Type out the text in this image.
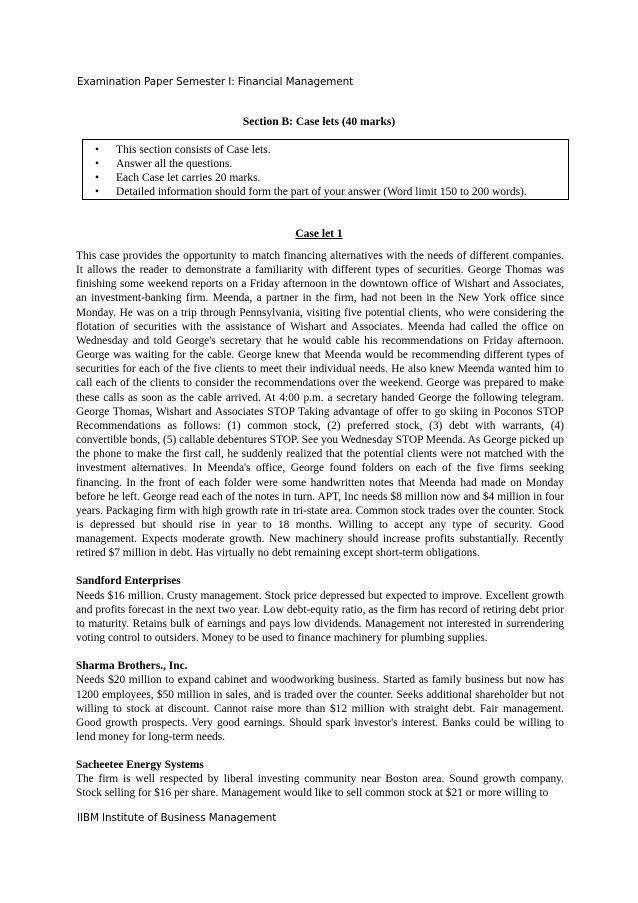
Examination Paper Semester I: Financial Management
Section B: Case lets (40 marks)
• This section consists of Case lets.
• Answer all the questions.
• Each Case let carries 20 marks.
• Detailed information should form the part of your answer (Word limit 150 to 200 words).
Case let 1

This case provides the opportunity to match financing alternatives with the needs of different companies. It allows the reader to demonstrate a familiarity with different types of securities. George Thomas was finishing some weekend reports on a Friday afternoon in the downtown office of Wishart and Associates, an investment-banking firm. Meenda, a partner in the firm, had not been in the New York office since Monday. He was on a trip through Pennsylvania, visiting five potential clients, who were considering the flotation of securities with the assistance of Wishart and Associates. Meenda had called the office on Wednesday and told George's secretary that he would cable his recommendations on Friday afternoon. George was waiting for the cable. George knew that Meenda would be recommending different types of securities for each of the five clients to meet their individual needs. He also knew Meenda wanted him to call each of the clients to consider the recommendations over the weekend. George was prepared to make these calls as soon as the cable arrived. At 4:00 p.m. a secretary handed George the following telegram. George Thomas, Wishart and Associates STOP Taking advantage of offer to go skiing in Poconos STOP Recommendations as follows: (1) common stock, (2) preferred stock, (3) debt with warrants, (4) convertible bonds, (5) callable debentures STOP. See you Wednesday STOP Meenda. As George picked up the phone to make the first call, he suddenly realized that the potential clients were not matched with the investment alternatives. In Meenda's office, George found folders on each of the five firms seeking financing. In the front of each folder were some handwritten notes that Meenda had made on Monday before he left. George read each of the notes in turn. APT, Inc needs $8 million now and $4 million in four years. Packaging firm with high growth rate in tri-state area. Common stock trades over the counter. Stock is depressed but should rise in year to 18 months. Willing to accept any type of security. Good management. Expects moderate growth. New machinery should increase profits substantially. Recently retired $7 million in debt. Has virtually no debt remaining except short-term obligations.

Sandford Enterprises
Needs $16 million. Crusty management. Stock price depressed but expected to improve. Excellent growth and profits forecast in the next two year. Low debt-equity ratio, as the firm has record of retiring debt prior to maturity. Retains bulk of earnings and pays low dividends. Management not interested in surrendering voting control to outsiders. Money to be used to finance machinery for plumbing supplies.

Sharma Brothers., Inc.
Needs $20 million to expand cabinet and woodworking business. Started as family business but now has 1200 employees, $50 million in sales, and is traded over the counter. Seeks additional shareholder but not willing to stock at discount. Cannot raise more than $12 million with straight debt. Fair management. Good growth prospects. Very good earnings. Should spark investor's interest. Banks could be willing to lend money for long-term needs.

Sacheetee Energy Systems
The firm is well respected by liberal investing community near Boston area. Sound growth company. Stock selling for $16 per share. Management would like to sell common stock at $21 or more willing to

IIBM Institute of Business Management
